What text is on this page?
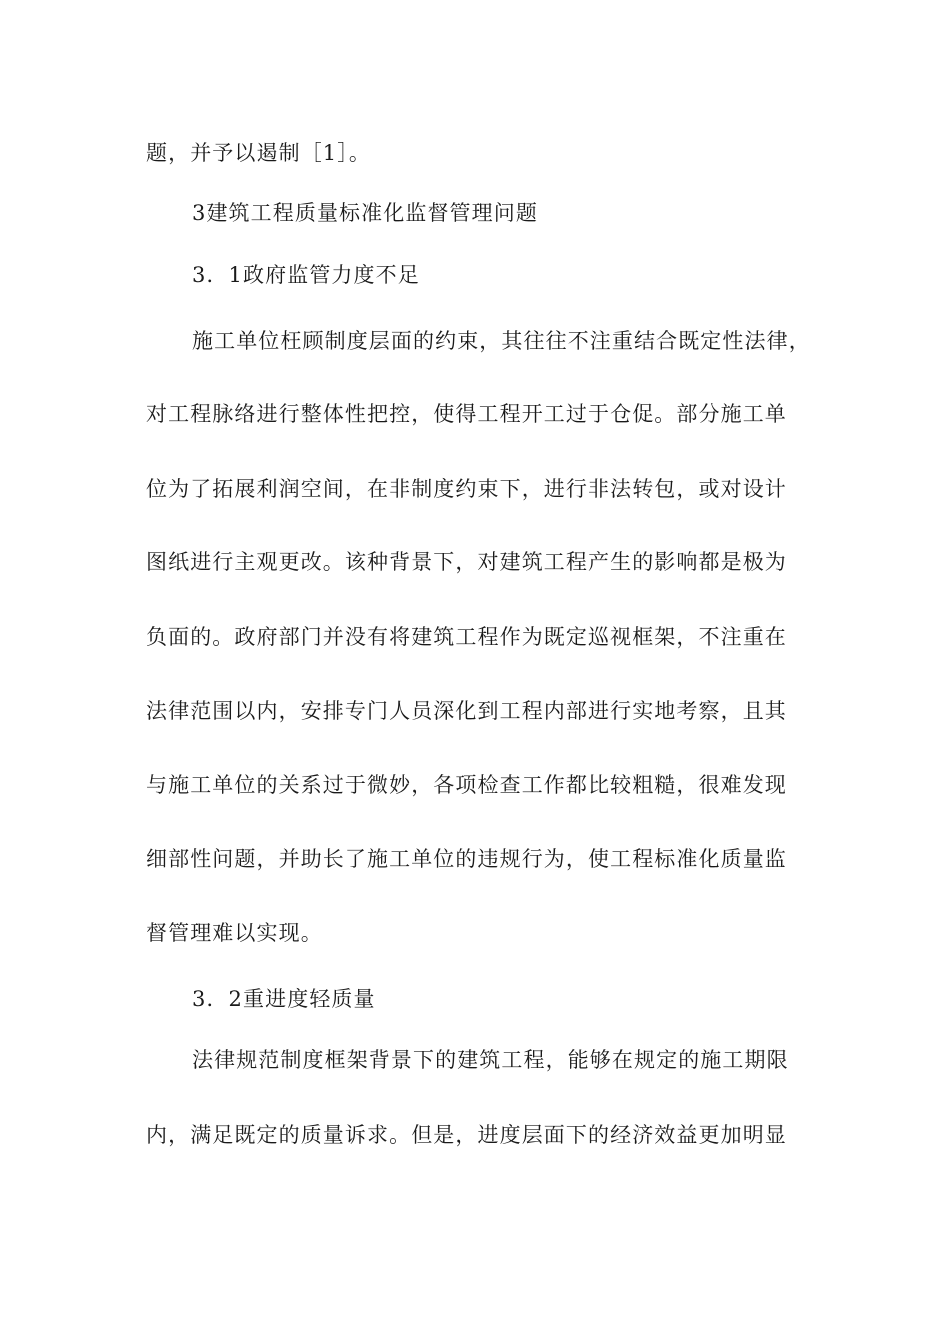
题，并予以遏制［1］。
3建筑工程质量标准化监督管理问题
3．1政府监管力度不足
施工单位枉顾制度层面的约束，其往往不注重结合既定性法律，
对工程脉络进行整体性把控，使得工程开工过于仓促。部分施工单
位为了拓展利润空间，在非制度约束下，进行非法转包，或对设计
图纸进行主观更改。该种背景下，对建筑工程产生的影响都是极为
负面的。政府部门并没有将建筑工程作为既定巡视框架，不注重在
法律范围以内，安排专门人员深化到工程内部进行实地考察，且其
与施工单位的关系过于微妙，各项检查工作都比较粗糙，很难发现
细部性问题，并助长了施工单位的违规行为，使工程标准化质量监
督管理难以实现。
3．2重进度轻质量
法律规范制度框架背景下的建筑工程，能够在规定的施工期限
内，满足既定的质量诉求。但是，进度层面下的经济效益更加明显
